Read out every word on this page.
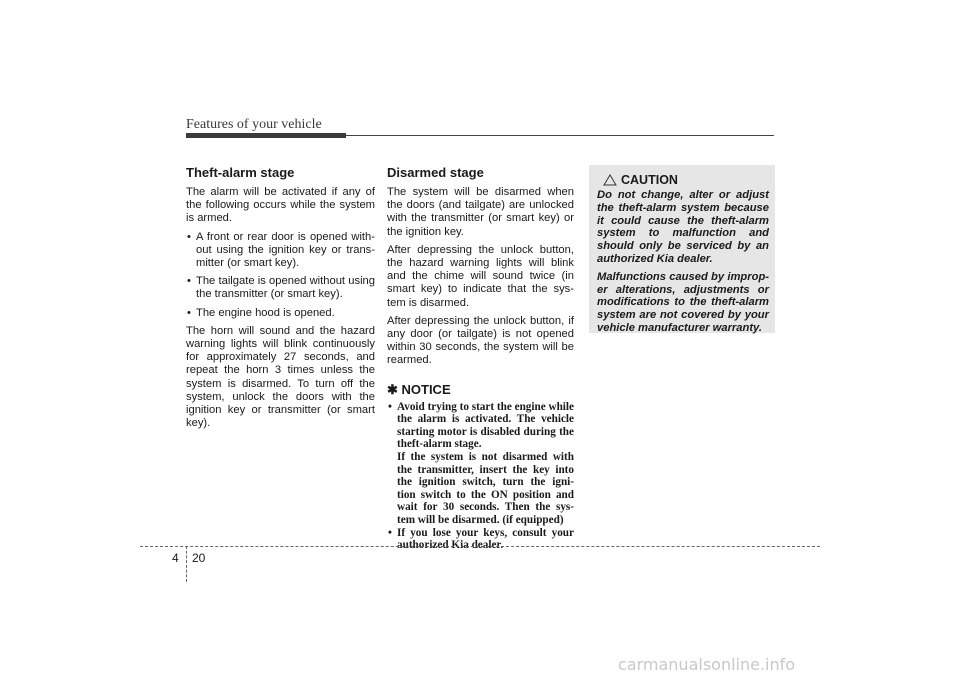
Features of your vehicle
Theft-alarm stage

The alarm will be activated if any of the following occurs while the system is armed.

• A front or rear door is opened with- out using the ignition key or trans- mitter (or smart key).
• The tailgate is opened without using the transmitter (or smart key).
• The engine hood is opened.

The horn will sound and the hazard warning lights will blink continuously for approximately 27 seconds, and repeat the horn 3 times unless the system is disarmed. To turn off the system, unlock the doors with the ignition key or transmitter (or smart key).

Disarmed stage

The system will be disarmed when the doors (and tailgate) are unlocked with the transmitter (or smart key) or the ignition key.

After depressing the unlock button, the hazard warning lights will blink and the chime will sound twice (in smart key) to indicate that the sys- tem is disarmed.

After depressing the unlock button, if any door (or tailgate) is not opened within 30 seconds, the system will be rearmed.

✱ NOTICE
• Avoid trying to start the engine while the alarm is activated. The vehicle starting motor is disabled during the theft-alarm stage.
If the system is not disarmed with the transmitter, insert the key into the ignition switch, turn the igni- tion switch to the ON position and wait for 30 seconds. Then the sys- tem will be disarmed. (if equipped)
• If you lose your keys, consult your authorized Kia dealer.
CAUTION

Do not change, alter or adjust the theft-alarm system because it could cause the theft-alarm system to malfunction and should only be serviced by an authorized Kia dealer.

Malfunctions caused by improp- er alterations, adjustments or modifications to the theft-alarm system are not covered by your vehicle manufacturer warranty.

4 20
carmanualsonline.info
